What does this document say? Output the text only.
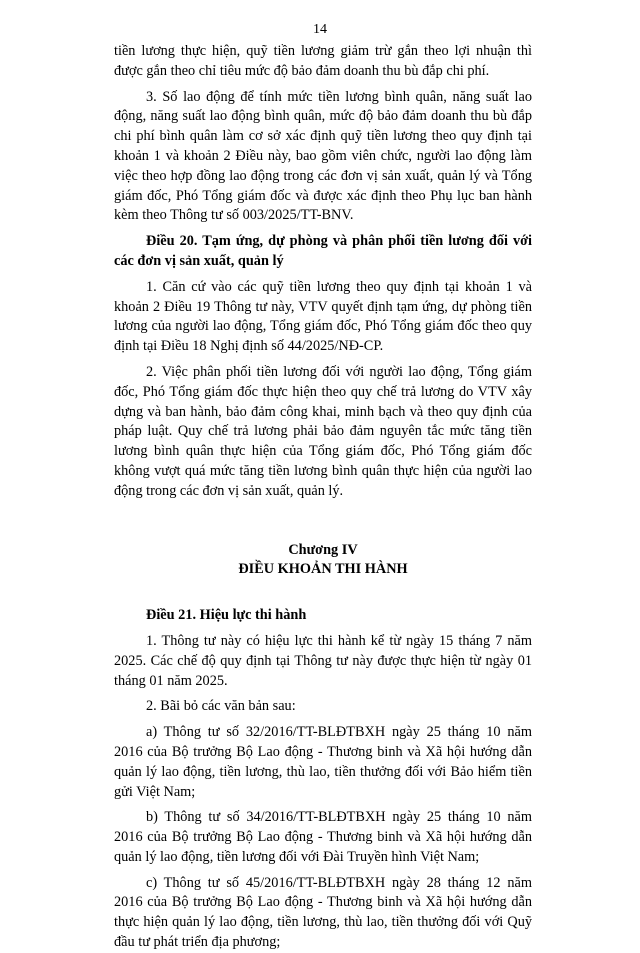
14

tiền lương thực hiện, quỹ tiền lương giảm trừ gắn theo lợi nhuận thì được gắn theo chỉ tiêu mức độ bảo đảm doanh thu bù đắp chi phí.

3. Số lao động để tính mức tiền lương bình quân, năng suất lao động, năng suất lao động bình quân, mức độ bảo đảm doanh thu bù đắp chi phí bình quân làm cơ sở xác định quỹ tiền lương theo quy định tại khoản 1 và khoản 2 Điều này, bao gồm viên chức, người lao động làm việc theo hợp đồng lao động trong các đơn vị sản xuất, quản lý và Tổng giám đốc, Phó Tổng giám đốc và được xác định theo Phụ lục ban hành kèm theo Thông tư số 003/2025/TT-BNV.

Điều 20. Tạm ứng, dự phòng và phân phối tiền lương đối với các đơn vị sản xuất, quản lý

1. Căn cứ vào các quỹ tiền lương theo quy định tại khoản 1 và khoản 2 Điều 19 Thông tư này, VTV quyết định tạm ứng, dự phòng tiền lương của người lao động, Tổng giám đốc, Phó Tổng giám đốc theo quy định tại Điều 18 Nghị định số 44/2025/NĐ-CP.

2. Việc phân phối tiền lương đối với người lao động, Tổng giám đốc, Phó Tổng giám đốc thực hiện theo quy chế trả lương do VTV xây dựng và ban hành, bảo đảm công khai, minh bạch và theo quy định của pháp luật. Quy chế trả lương phải bảo đảm nguyên tắc mức tăng tiền lương bình quân thực hiện của Tổng giám đốc, Phó Tổng giám đốc không vượt quá mức tăng tiền lương bình quân thực hiện của người lao động trong các đơn vị sản xuất, quản lý.

Chương IV

ĐIỀU KHOẢN THI HÀNH

Điều 21. Hiệu lực thi hành

1. Thông tư này có hiệu lực thi hành kể từ ngày 15 tháng 7 năm 2025. Các chế độ quy định tại Thông tư này được thực hiện từ ngày 01 tháng 01 năm 2025.

2. Bãi bỏ các văn bản sau:

a) Thông tư số 32/2016/TT-BLĐTBXH ngày 25 tháng 10 năm 2016 của Bộ trưởng Bộ Lao động - Thương binh và Xã hội hướng dẫn quản lý lao động, tiền lương, thù lao, tiền thưởng đối với Bảo hiểm tiền gửi Việt Nam;

b) Thông tư số 34/2016/TT-BLĐTBXH ngày 25 tháng 10 năm 2016 của Bộ trưởng Bộ Lao động - Thương binh và Xã hội hướng dẫn quản lý lao động, tiền lương đối với Đài Truyền hình Việt Nam;

c) Thông tư số 45/2016/TT-BLĐTBXH ngày 28 tháng 12 năm 2016 của Bộ trưởng Bộ Lao động - Thương binh và Xã hội hướng dẫn thực hiện quản lý lao động, tiền lương, thù lao, tiền thưởng đối với Quỹ đầu tư phát triển địa phương;
